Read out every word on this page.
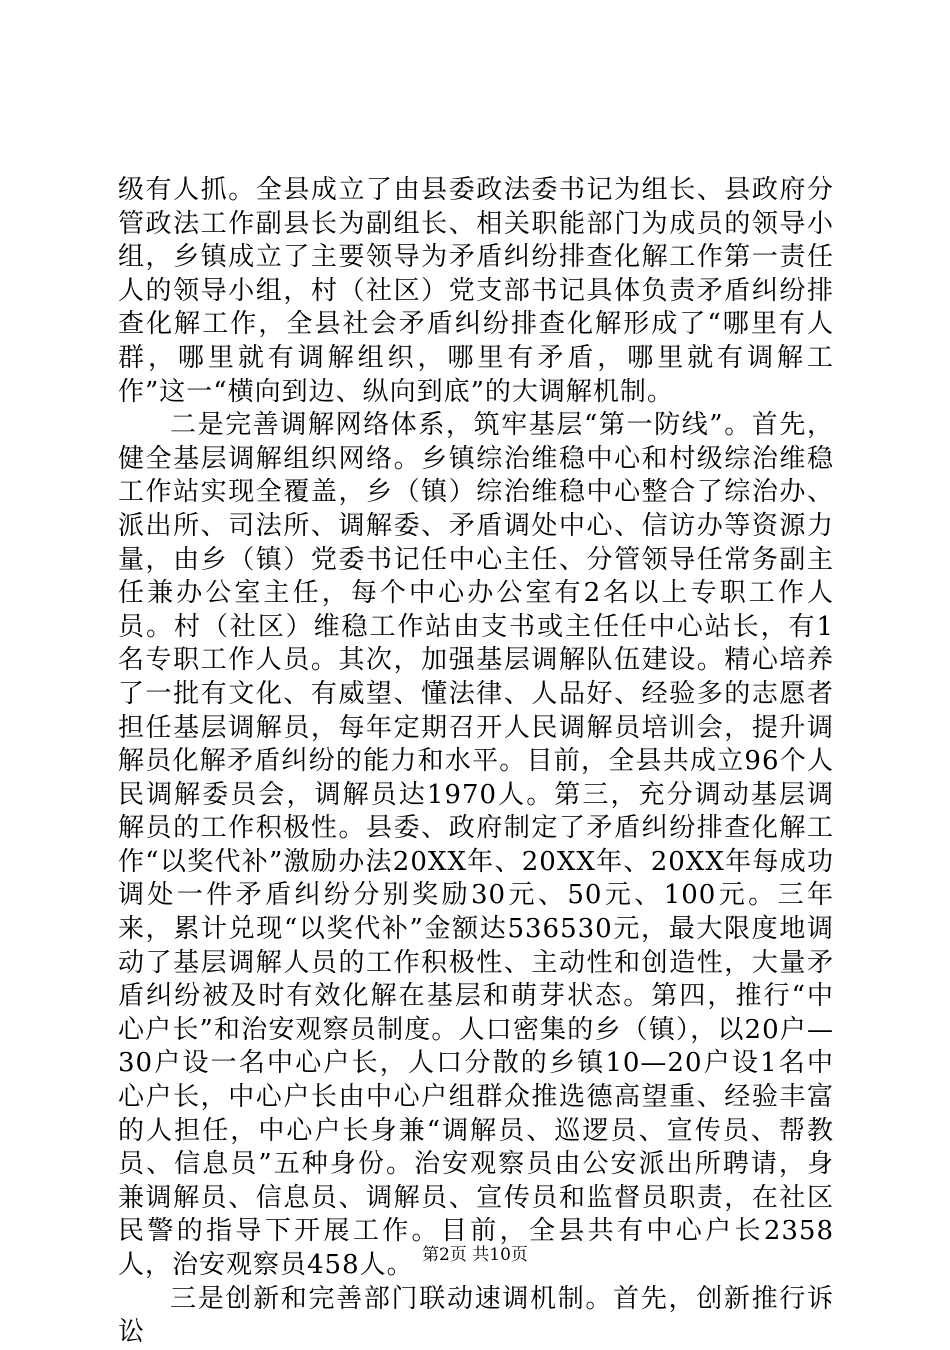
级有人抓。全县成立了由县委政法委书记为组长、县政府分管政法工作副县长为副组长、相关职能部门为成员的领导小组，乡镇成立了主要领导为矛盾纠纷排查化解工作第一责任人的领导小组，村（社区）党支部书记具体负责矛盾纠纷排查化解工作，全县社会矛盾纠纷排查化解形成了“哪里有人群，哪里就有调解组织，哪里有矛盾，哪里就有调解工作”这一“横向到边、纵向到底”的大调解机制。

二是完善调解网络体系，筑牢基层“第一防线”。首先，健全基层调解组织网络。乡镇综治维稳中心和村级综治维稳工作站实现全覆盖，乡（镇）综治维稳中心整合了综治办、派出所、司法所、调解委、矛盾调处中心、信访办等资源力量，由乡（镇）党委书记任中心主任、分管领导任常务副主任兼办公室主任，每个中心办公室有2名以上专职工作人员。村（社区）维稳工作站由支书或主任任中心站长，有1名专职工作人员。其次，加强基层调解队伍建设。精心培养了一批有文化、有威望、懂法律、人品好、经验多的志愿者担任基层调解员，每年定期召开人民调解员培训会，提升调解员化解矛盾纠纷的能力和水平。目前，全县共成立96个人民调解委员会，调解员达1970人。第三，充分调动基层调解员的工作积极性。县委、政府制定了矛盾纠纷排查化解工作“以奖代补”激励办法20XX年、20XX年、20XX年每成功调处一件矛盾纠纷分别奖励30元、50元、100元。三年来，累计兑现“以奖代补”金额达536530元，最大限度地调动了基层调解人员的工作积极性、主动性和创造性，大量矛盾纠纷被及时有效化解在基层和萌芽状态。第四，推行“中心户长”和治安观察员制度。人口密集的乡（镇），以20户—30户设一名中心户长，人口分散的乡镇10—20户设1名中心户长，中心户长由中心户组群众推选德高望重、经验丰富的人担任，中心户长身兼“调解员、巡逻员、宣传员、帮教员、信息员”五种身份。治安观察员由公安派出所聘请，身兼调解员、信息员、调解员、宣传员和监督员职责，在社区民警的指导下开展工作。目前，全县共有中心户长2358人，治安观察员458人。

三是创新和完善部门联动速调机制。首先，创新推行诉讼

第2页 共10页
